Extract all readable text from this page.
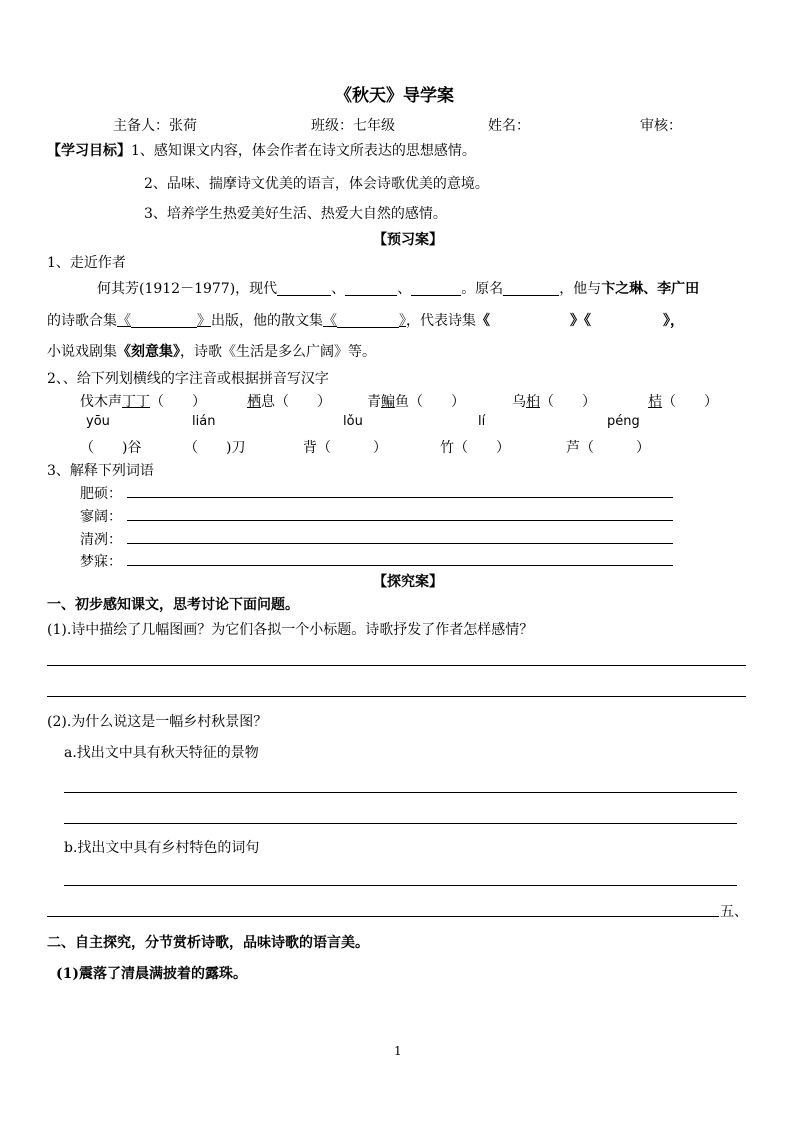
《秋天》导学案
主备人：张荷	班级：七年级	姓名：	审核：
【学习目标】1、感知课文内容，体会作者在诗文所表达的思想感情。
2、品味、揣摩诗文优美的语言，体会诗歌优美的意境。
3、培养学生热爱美好生活、热爱大自然的感情。
【预习案】
1、走近作者
何其芳(1912－1977)，现代	、	、	。原名	，他与卞之琳、李广田
的诗歌合集《	》出版，他的散文集《	》，代表诗集《	》《	》，
小说戏剧集《刻意集》，诗歌《生活是多么广阔》等。
2、、给下列划横线的字注音或根据拼音写汉字
伐木声丁丁（　　）	栖息（　　）	青鳊鱼（　　）	乌桕（　　）	桔（　　）
yōu	lián	lǒu	lí	péng
（　　)谷	（　　)刀	背（　　　）	竹（　　）	芦（　　　）
3、解释下列词语
肥硕：
寥阔：
清冽：
梦寐：
【探究案】
一、初步感知课文，思考讨论下面问题。
(1).诗中描绘了几幅图画？为它们各拟一个小标题。诗歌抒发了作者怎样感情？
(2).为什么说这是一幅乡村秋景图？
a.找出文中具有秋天特征的景物
b.找出文中具有乡村特色的词句
五、
二、自主探究，分节赏析诗歌，品味诗歌的语言美。
(1)震落了清晨满披着的露珠。
1
